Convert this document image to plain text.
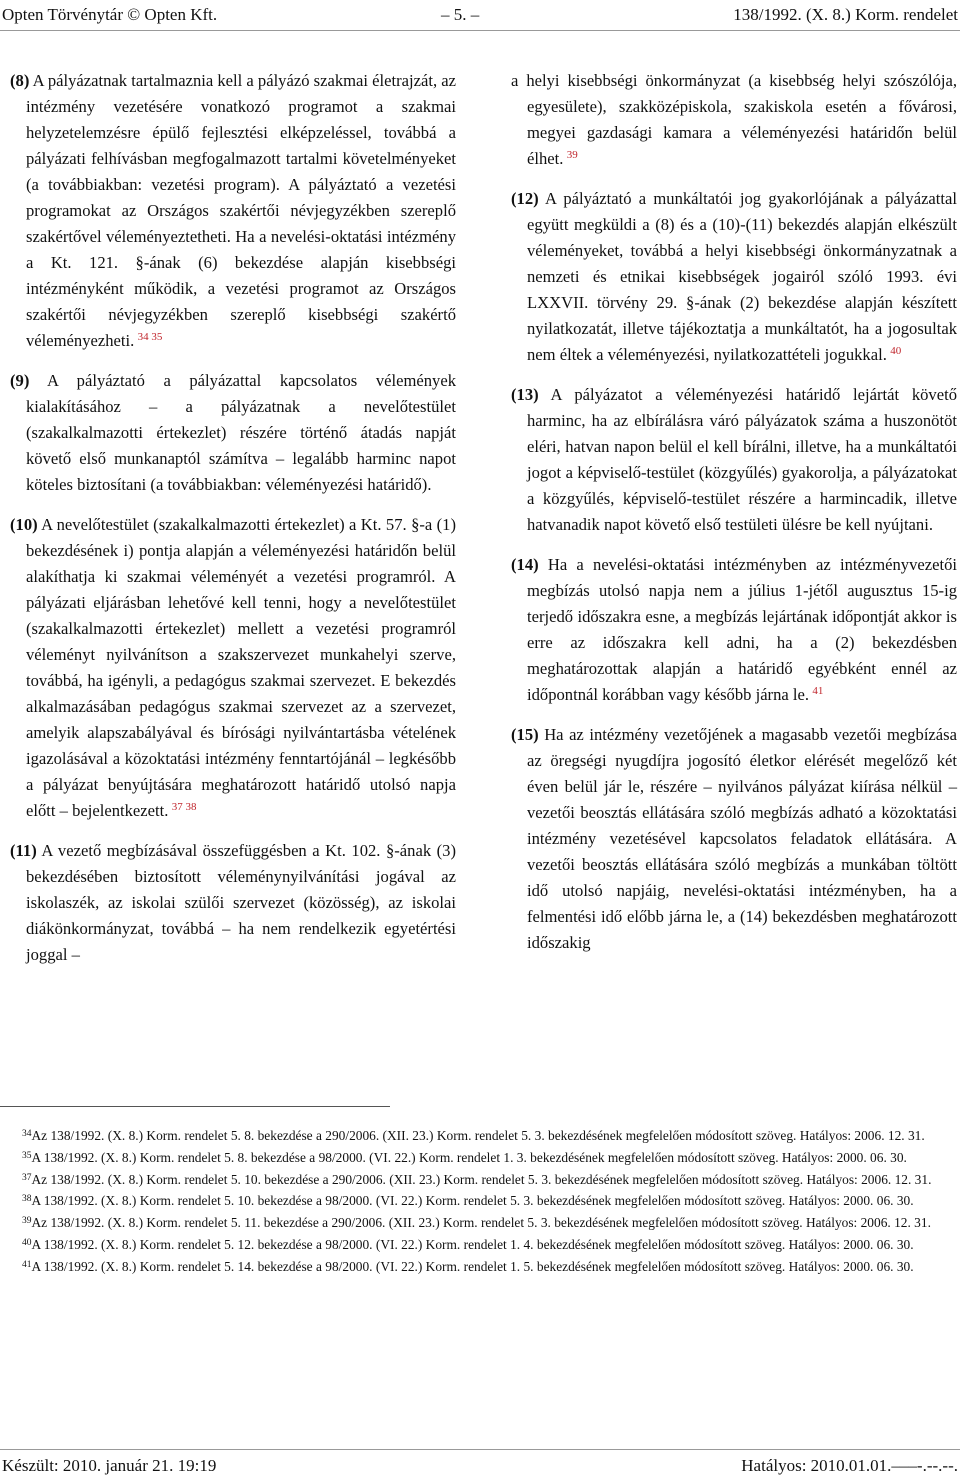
Opten Törvénytár © Opten Kft.	– 5. –	138/1992. (X. 8.) Korm. rendelet

(8) A pályázatnak tartalmaznia kell a pályázó szakmai életrajzát, az intézmény vezetésére vonatkozó programot a szakmai helyzetelemzésre épülő fejlesztési elképzeléssel, továbbá a pályázati felhívásban megfogalmazott tartalmi követelményeket (a továbbiakban: vezetési program). A pályáztató a vezetési programokat az Országos szakértői névjegyzékben szereplő szakértővel véleményeztetheti. Ha a nevelési-oktatási intézmény a Kt. 121. §-ának (6) bekezdése alapján kisebbségi intézményként működik, a vezetési programot az Országos szakértői névjegyzékben szereplő kisebbségi szakértő véleményezheti.  $^{34 35}$

(9) A pályáztató a pályázattal kapcsolatos vélemények kialakításához – a pályázatnak a nevelőtestület (szakalkalmazotti értekezlet) részére történő átadás napját követő első munkanaptól számítva – legalább harminc napot köteles biztosítani (a továbbiakban: véleményezési határidő).

(10) A nevelőtestület (szakalkalmazotti értekezlet) a Kt. 57. §-a (1) bekezdésének i) pontja alapján a véleményezési határidőn belül alakíthatja ki szakmai véleményét a vezetési programról. A pályázati eljárásban lehetővé kell tenni, hogy a nevelőtestület (szakalkalmazotti értekezlet) mellett a vezetési programról véleményt nyilvánítson a szakszervezet munkahelyi szerve, továbbá, ha igényli, a pedagógus szakmai szervezet. E bekezdés alkalmazásában pedagógus szakmai szervezet az a szervezet, amelyik alapszabályával és bírósági nyilvántartásba vételének igazolásával a közoktatási intézmény fenntartójánál – legkésőbb a pályázat benyújtására meghatározott határidő utolsó napja előtt – bejelentkezett.  $^{37 38}$

(11) A vezető megbízásával összefüggésben a Kt. 102. §-ának (3) bekezdésében biztosított véleménynyilvánítási jogával az iskolaszék, az iskolai szülői szervezet (közösség), az iskolai diákönkormányzat, továbbá – ha nem rendelkezik egyetértési joggal –

a helyi kisebbségi önkormányzat (a kisebbség helyi szószólója, egyesülete), szakközépiskola, szakiskola esetén a fővárosi, megyei gazdasági kamara a véleményezési határidőn belül élhet.  $^{39}$

(12) A pályáztató a munkáltatói jog gyakorlójának a pályázattal együtt megküldi a (8) és a (10)-(11) bekezdés alapján elkészült véleményeket, továbbá a helyi kisebbségi önkormányzatnak a nemzeti és etnikai kisebbségek jogairól szóló 1993. évi LXXVII. törvény 29. §-ának (2) bekezdése alapján készített nyilatkozatát, illetve tájékoztatja a munkáltatót, ha a jogosultak nem éltek a véleményezési, nyilatkozattételi jogukkal.  $^{40}$

(13) A pályázatot a véleményezési határidő lejártát követő harminc, ha az elbírálásra váró pályázatok száma a huszonötöt eléri, hatvan napon belül el kell bírálni, illetve, ha a munkáltatói jogot a képviselő-testület (közgyűlés) gyakorolja, a pályázatokat a közgyűlés, képviselő-testület részére a harmincadik, illetve hatvanadik napot követő első testületi ülésre be kell nyújtani.

(14) Ha a nevelési-oktatási intézményben az intézményvezetői megbízás utolsó napja nem a július 1-jétől augusztus 15-ig terjedő időszakra esne, a megbízás lejártának időpontját akkor is erre az időszakra kell adni, ha a (2) bekezdésben meghatározottak alapján a határidő egyébként ennél az időpontnál korábban vagy később járna le.  $^{41}$

(15) Ha az intézmény vezetőjének a magasabb vezetői megbízása az öregségi nyugdíjra jogosító életkor elérését megelőző két éven belül jár le, részére – nyilvános pályázat kiírása nélkül – vezetői beosztás ellátására szóló megbízás adható a közoktatási intézmény vezetésével kapcsolatos feladatok ellátására. A vezetői beosztás ellátására szóló megbízás a munkában töltött idő utolsó napjáig, nevelési-oktatási intézményben, ha a felmentési idő előbb járna le, a (14) bekezdésben meghatározott időszakig

$^{34}$Az 138/1992. (X. 8.) Korm. rendelet 5. 8. bekezdése a 290/2006. (XII. 23.) Korm. rendelet 5. 3. bekezdésének megfelelően módosított szöveg. Hatályos: 2006. 12. 31.

$^{35}$A 138/1992. (X. 8.) Korm. rendelet 5. 8. bekezdése a 98/2000. (VI. 22.) Korm. rendelet 1. 3. bekezdésének megfelelően módosított szöveg. Hatályos: 2000. 06. 30.

$^{37}$Az 138/1992. (X. 8.) Korm. rendelet 5. 10. bekezdése a 290/2006. (XII. 23.) Korm. rendelet 5. 3. bekezdésének megfelelően módosított szöveg. Hatályos: 2006. 12. 31.

$^{38}$A 138/1992. (X. 8.) Korm. rendelet 5. 10. bekezdése a 98/2000. (VI. 22.) Korm. rendelet 5. 3. bekezdésének megfelelően módosított szöveg. Hatályos: 2000. 06. 30.

$^{39}$Az 138/1992. (X. 8.) Korm. rendelet 5. 11. bekezdése a 290/2006. (XII. 23.) Korm. rendelet 5. 3. bekezdésének megfelelően módosított szöveg. Hatályos: 2006. 12. 31.

$^{40}$A 138/1992. (X. 8.) Korm. rendelet 5. 12. bekezdése a 98/2000. (VI. 22.) Korm. rendelet 1. 4. bekezdésének megfelelően módosított szöveg. Hatályos: 2000. 06. 30.

$^{41}$A 138/1992. (X. 8.) Korm. rendelet 5. 14. bekezdése a 98/2000. (VI. 22.) Korm. rendelet 1. 5. bekezdésének megfelelően módosított szöveg. Hatályos: 2000. 06. 30.

Készült: 2010. január 21. 19:19	Hatályos: 2010.01.01.–––-.--.--.
